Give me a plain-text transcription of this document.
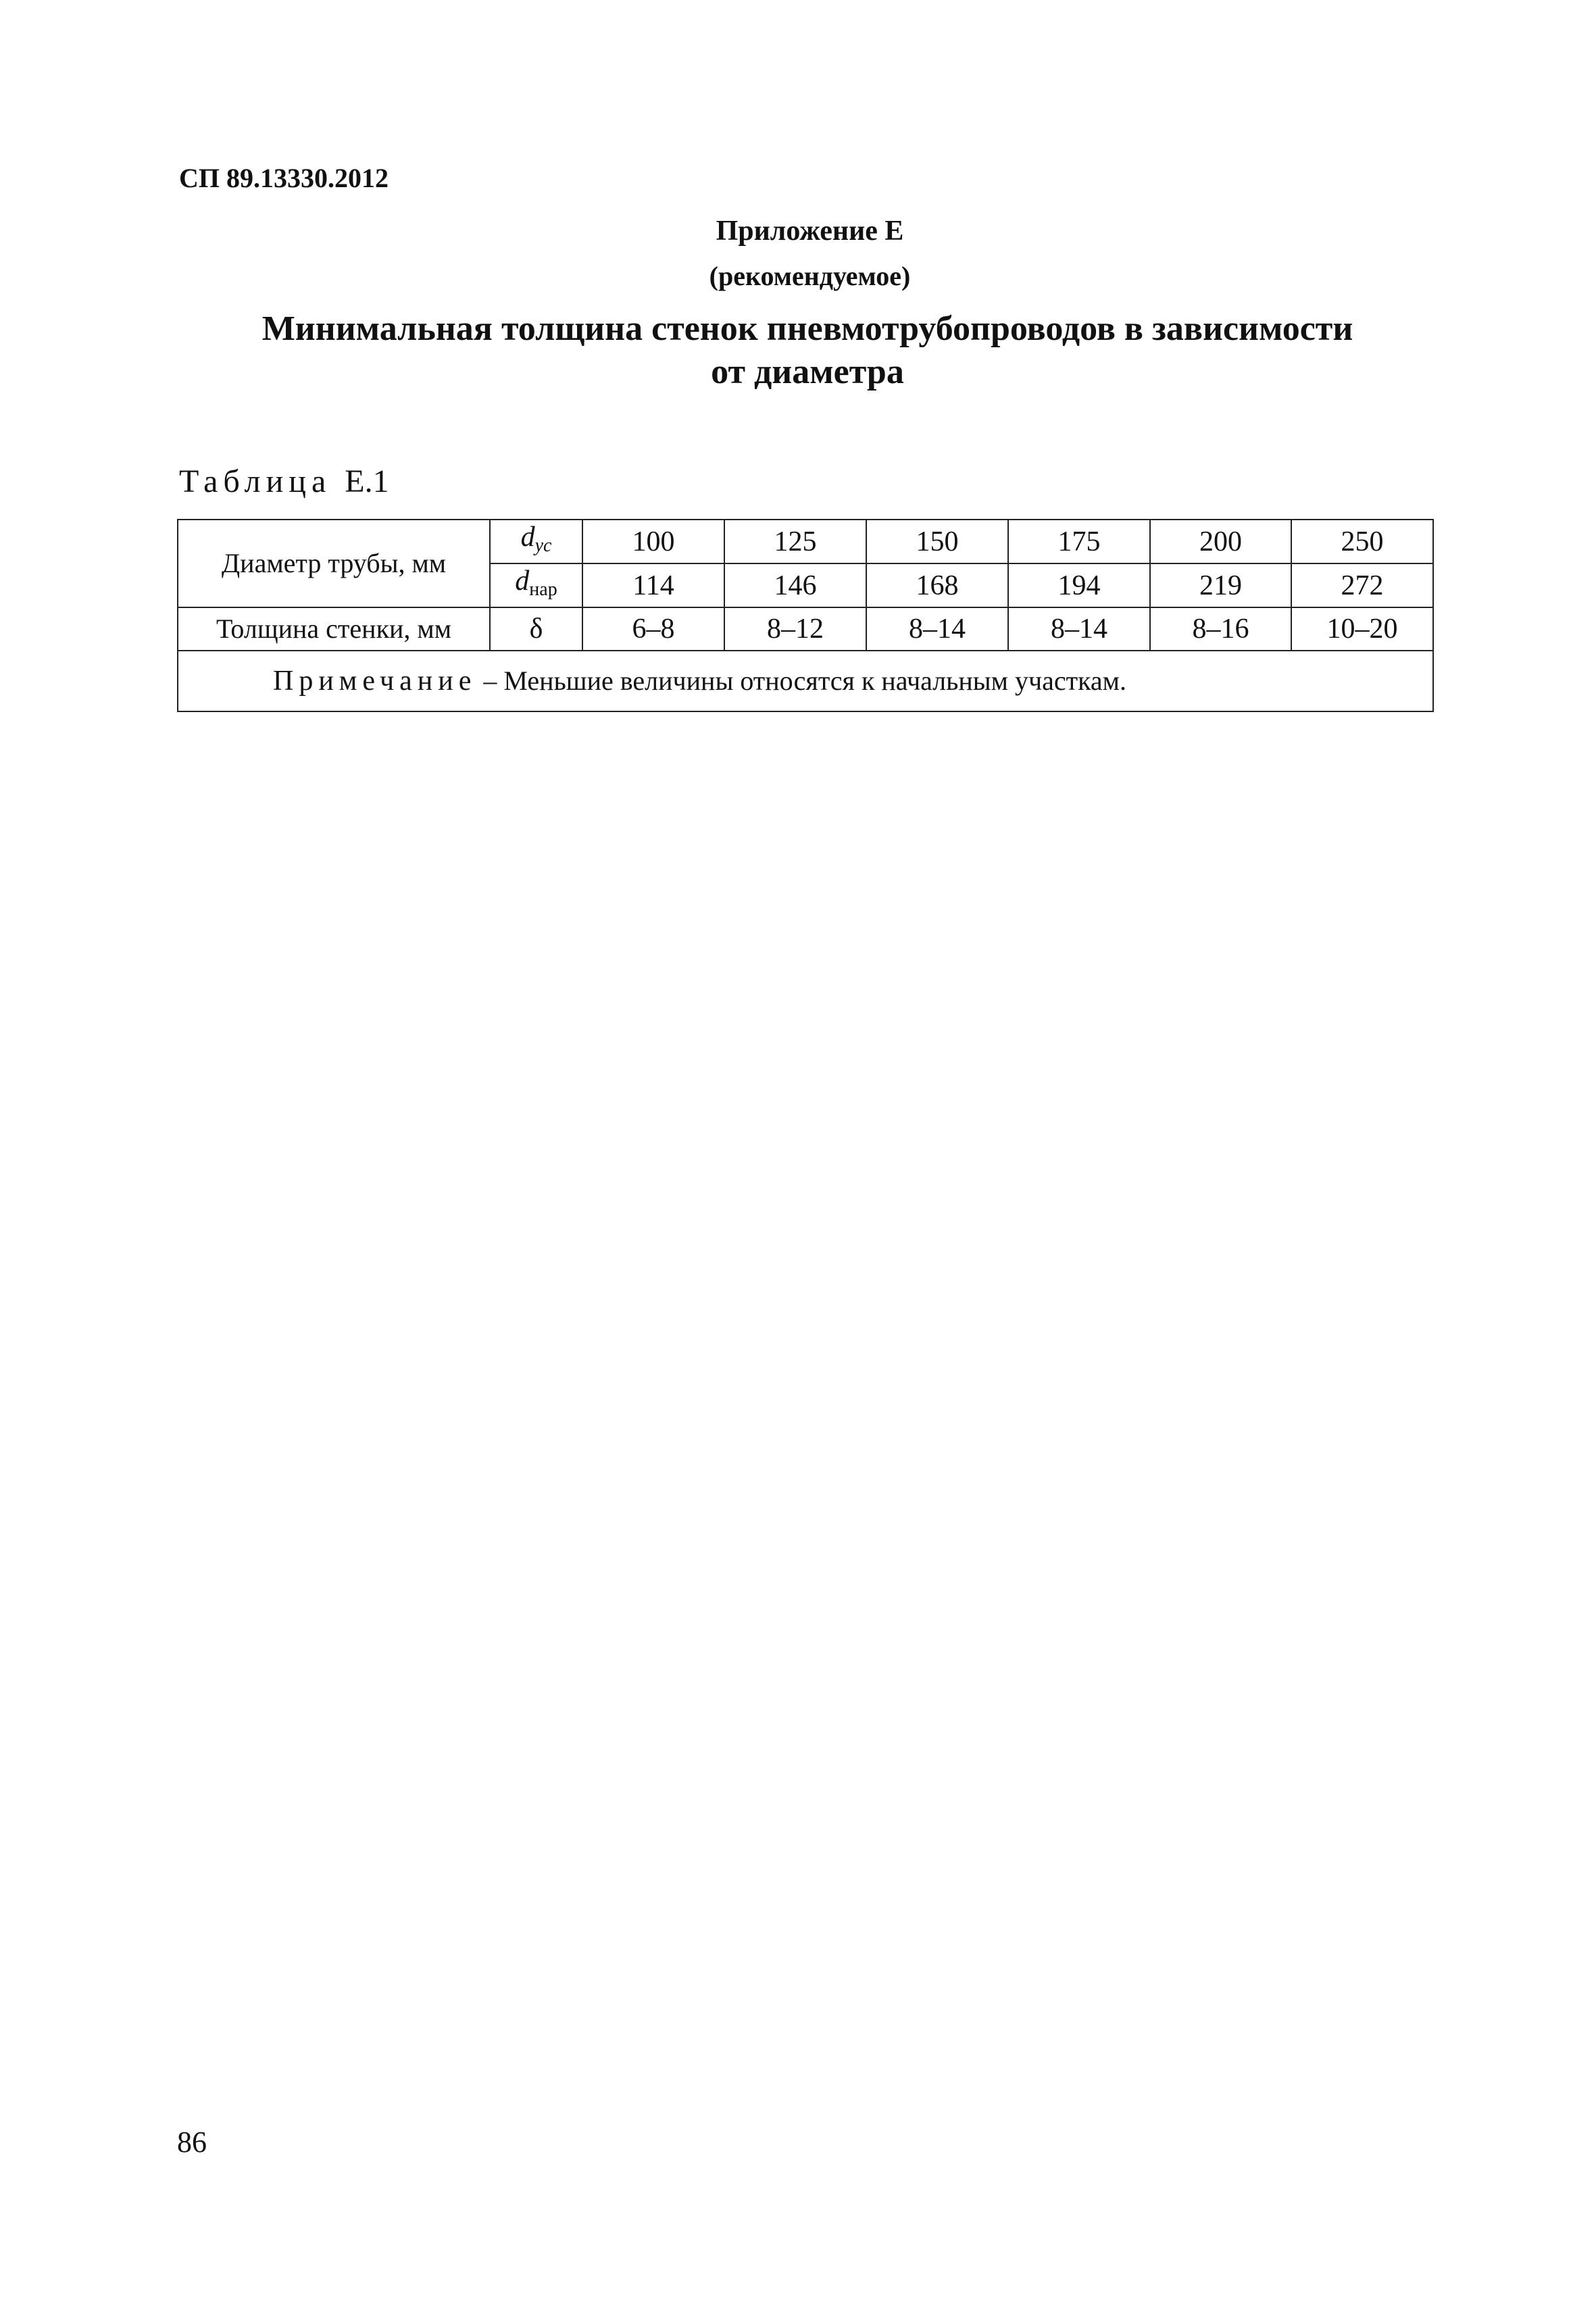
СП 89.13330.2012
Приложение Е
(рекомендуемое)
Минимальная толщина стенок пневмотрубопроводов в зависимости
от диаметра
Таблица Е.1
Диаметр трубы, мм	$d_{ус}$	100	125	150	175	200	250
	$d_{нар}$	114	146	168	194	219	272
Толщина стенки, мм	δ	6–8	8–12	8–14	8–14	8–16	10–20
Примечание – Меньшие величины относятся к начальным участкам.							
86
